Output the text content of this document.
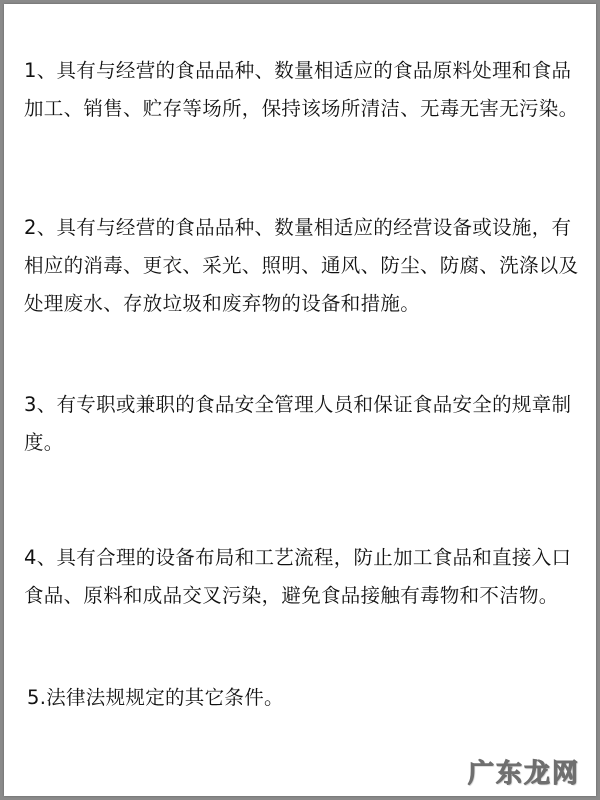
1、具有与经营的食品品种、数量相适应的食品原料处理和食品加工、销售、贮存等场所，保持该场所清洁、无毒无害无污染。

2、具有与经营的食品品种、数量相适应的经营设备或设施，有相应的消毒、更衣、采光、照明、通风、防尘、防腐、洗涤以及处理废水、存放垃圾和废弃物的设备和措施。

3、有专职或兼职的食品安全管理人员和保证食品安全的规章制度。

4、具有合理的设备布局和工艺流程，防止加工食品和直接入口食品、原料和成品交叉污染，避免食品接触有毒物和不洁物。

5.法律法规规定的其它条件。

广东龙网
